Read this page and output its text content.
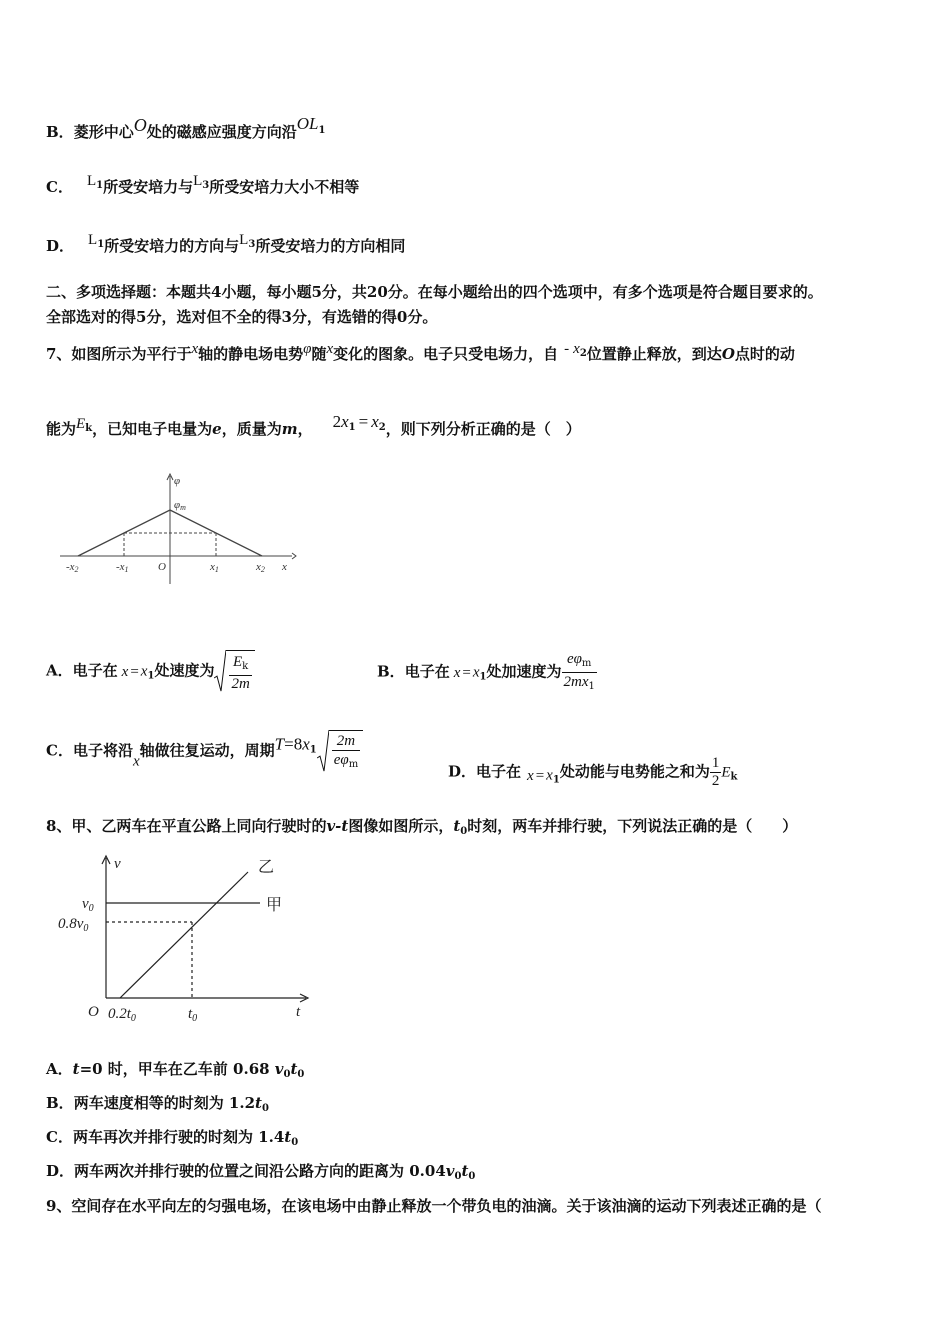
B．菱形中心O处的磁感应强度方向沿$OL^1$
C． $L^1$所受安培力与$L^3$所受安培力大小不相等
D． $L^1$所受安培力的方向与$L^3$所受安培力的方向相同
二、多项选择题：本题共4小题，每小题5分，共20分。在每小题给出的四个选项中，有多个选项是符合题目要求的。
全部选对的得5分，选对但不全的得3分，有选错的得0分。
7、如图所示为平行于x轴的静电场电势φ随x变化的图象。电子只受电场力，自 - $x^2$位置静止释放，到达O点时的动
能为$E^k$，已知电子电量为e，质量为m， $2x^1 = x^2$，则下列分析正确的是（　）
φ
φm
-x2	-x1	O	x1	x2 x
A．电子在 $x = x_1$处速度为 $\frac{E_k}{2m}$	B．电子在 $x = x_1$处加速度为 $\frac{e\varphi_m}{2mx_1}$
C．电子将沿x轴做往复运动，周期$T=8x^1 \frac{2m}{e\varphi_m}$	D．电子在 $x = x_1$处动能与电势能之和为 $\frac{1}{2} E_k$
8、甲、乙两车在平直公路上同向行驶时的v-t图像如图所示，$t_0$时刻，两车并排行驶，下列说法正确的是（　　）
v
$v_0$
$0.8v_0$
O $0.2t_0$	$t_0$	t
乙
甲
A．t=0 时，甲车在乙车前 0.68 $v_0t_0$
B．两车速度相等的时刻为 $1.2t_0$
C．两车再次并排行驶的时刻为 $1.4t_0$
D．两车两次并排行驶的位置之间沿公路方向的距离为 $0.04v_0t_0$
9、空间存在水平向左的匀强电场，在该电场中由静止释放一个带负电的油滴。关于该油滴的运动下列表述正确的是（
